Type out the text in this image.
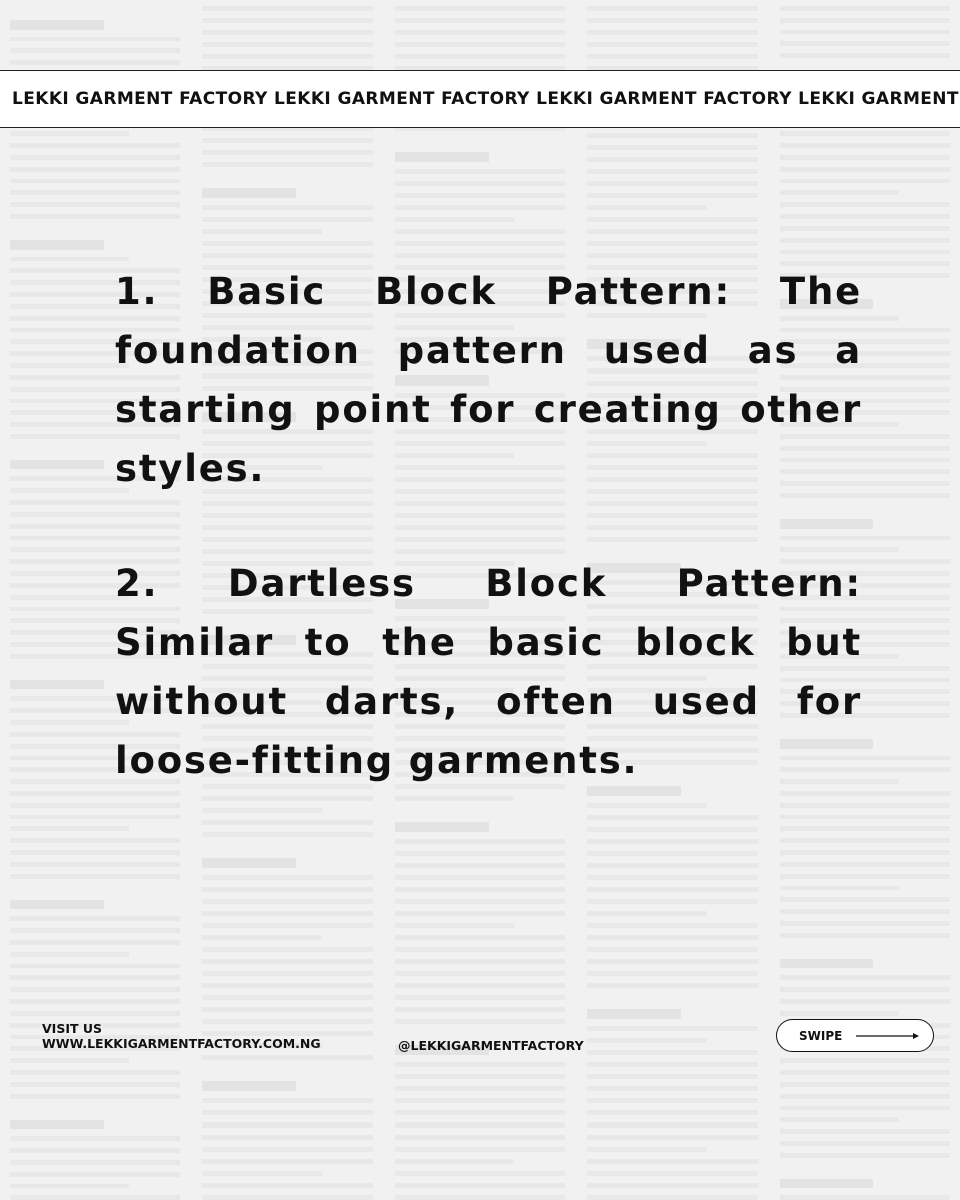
LEKKI GARMENT FACTORY LEKKI GARMENT FACTORY LEKKI GARMENT FACTORY LEKKI GARMENT

1. Basic Block Pattern: The foundation pattern used as a starting point for creating other styles.

2. Dartless Block Pattern: Similar to the basic block but without darts, often used for loose-fitting garments.

VISIT US
WWW.LEKKIGARMENTFACTORY.COM.NG	@LEKKIGARMENTFACTORY
SWIPE
